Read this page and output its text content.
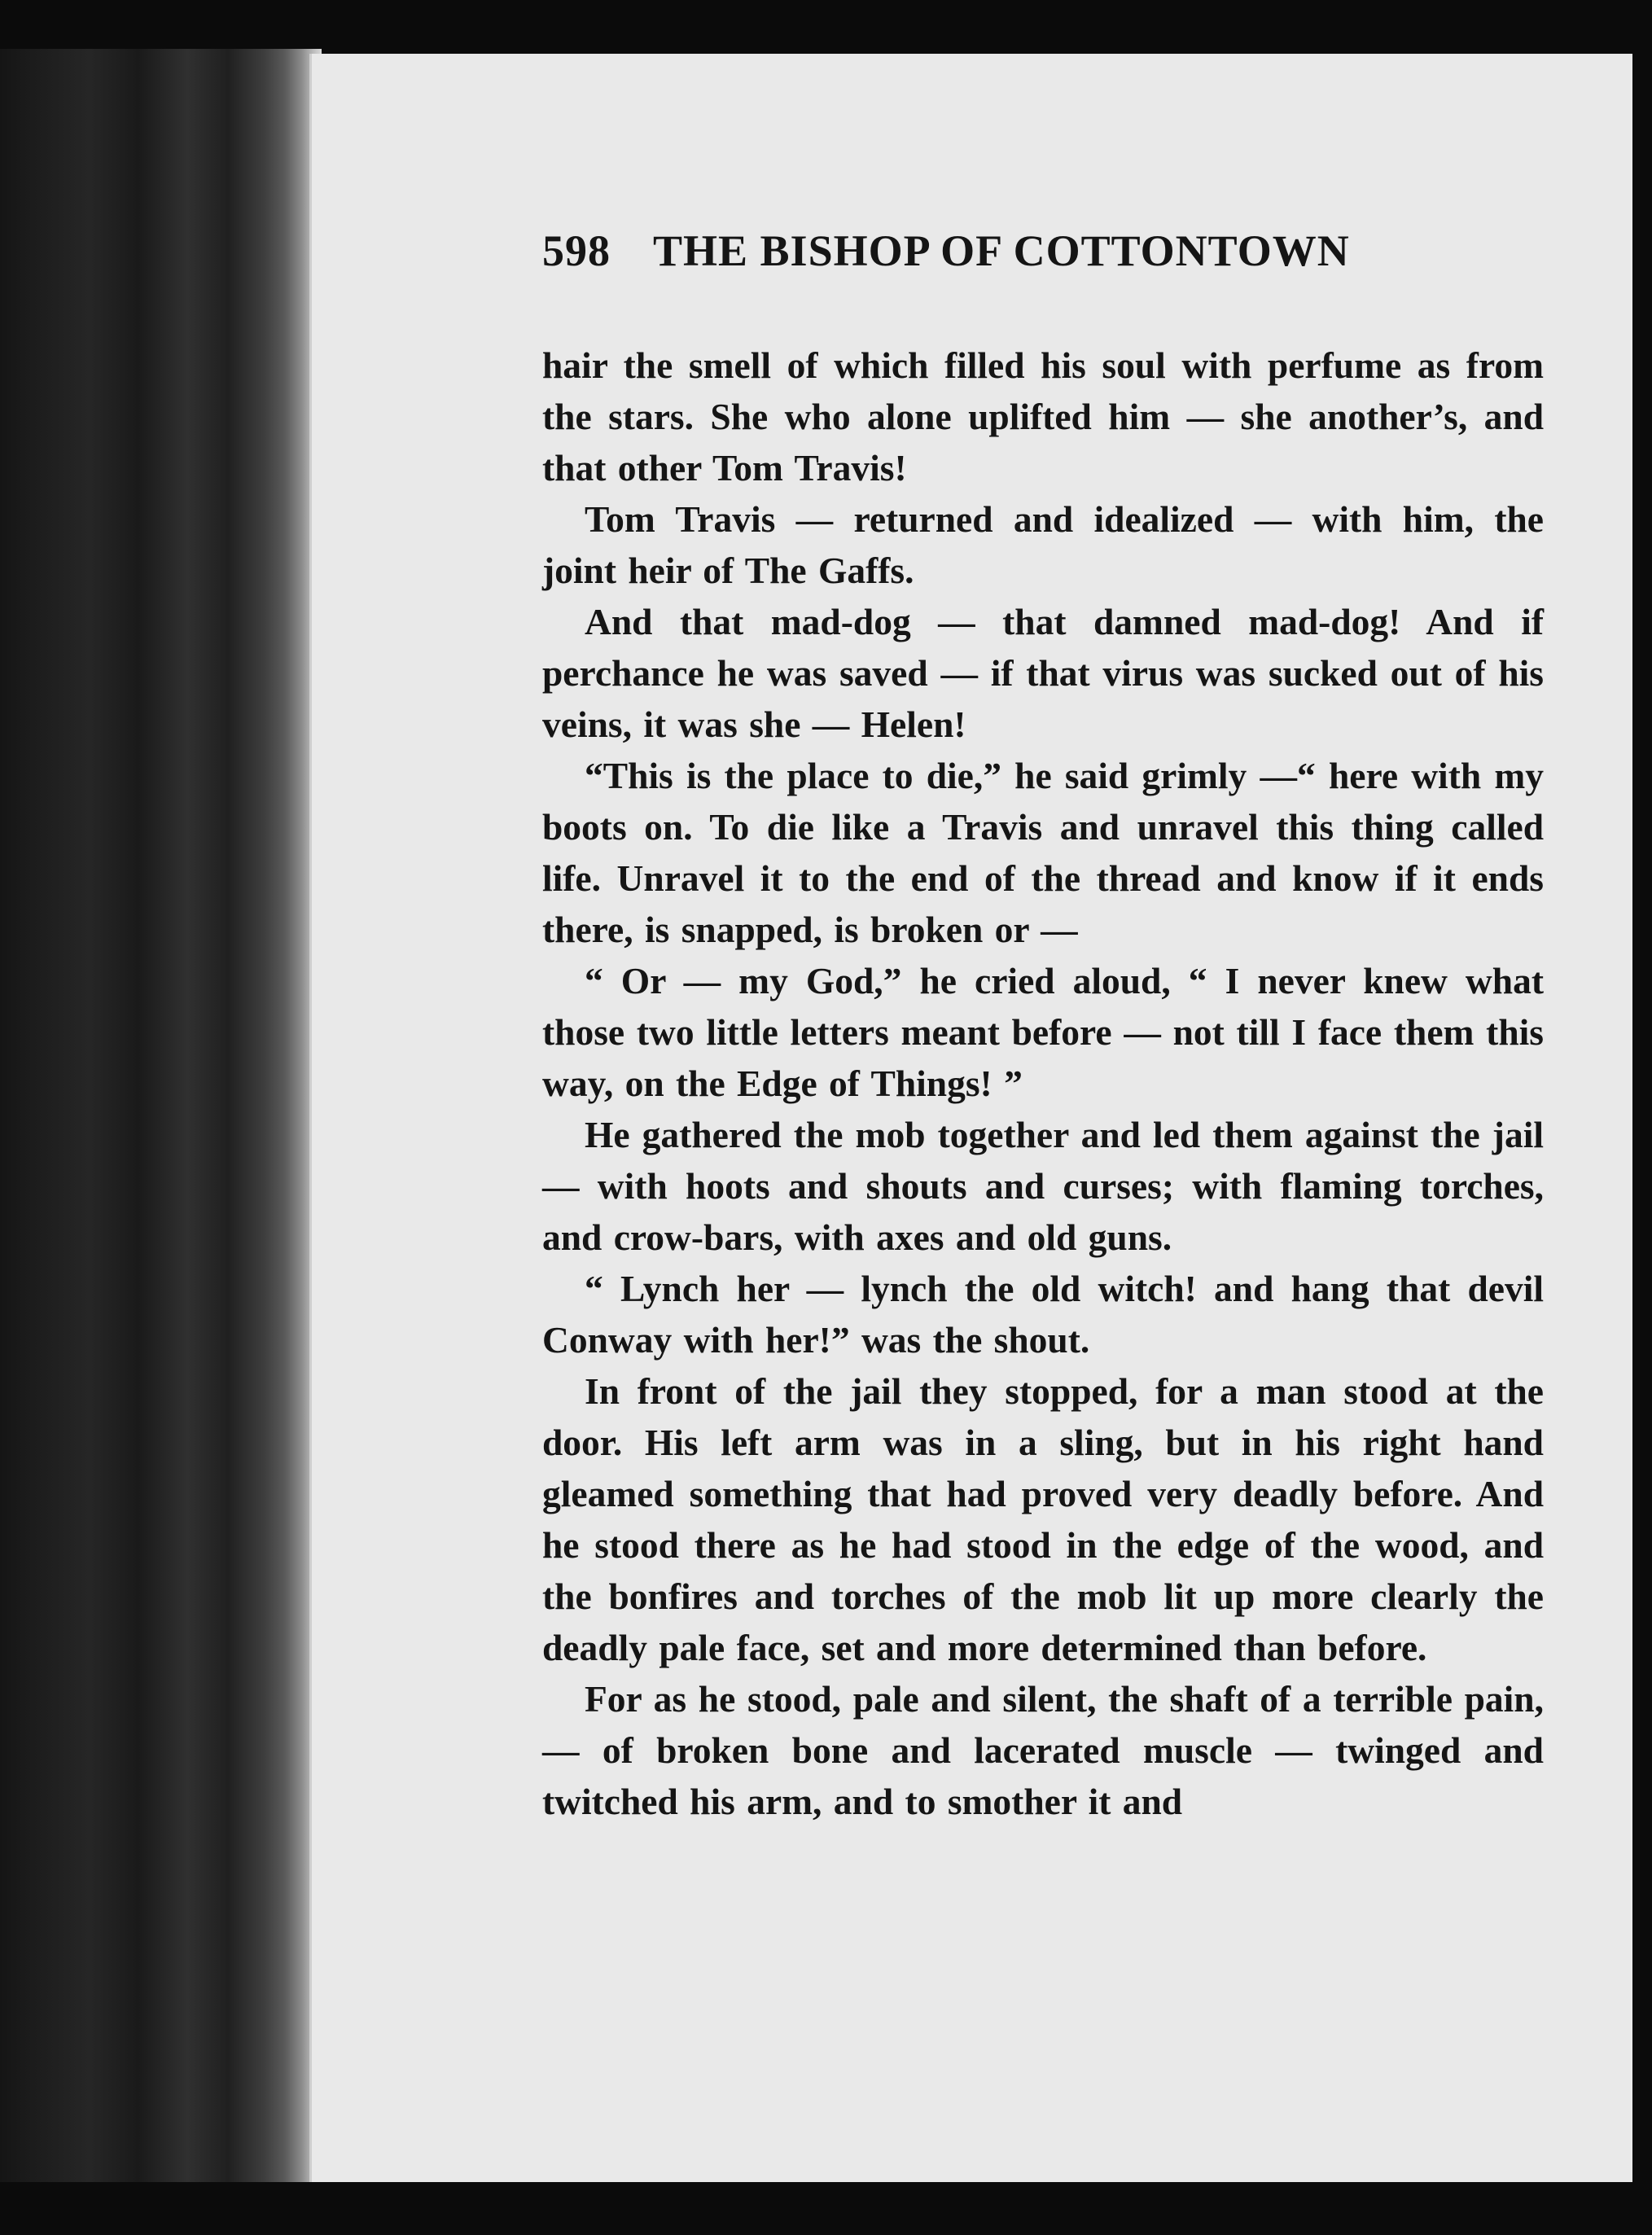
598 THE BISHOP OF COTTONTOWN

hair the smell of which filled his soul with perfume as from the stars. She who alone uplifted him — she another’s, and that other Tom Travis!

Tom Travis — returned and idealized — with him, the joint heir of The Gaffs.

And that mad-dog — that damned mad-dog! And if perchance he was saved — if that virus was sucked out of his veins, it was she — Helen!

“This is the place to die,” he said grimly —“ here with my boots on. To die like a Travis and unravel this thing called life. Unravel it to the end of the thread and know if it ends there, is snapped, is broken or —

“ Or — my God,” he cried aloud, “ I never knew what those two little letters meant before — not till I face them this way, on the Edge of Things! ”

He gathered the mob together and led them against the jail — with hoots and shouts and curses; with flaming torches, and crow-bars, with axes and old guns.

“ Lynch her — lynch the old witch! and hang that devil Conway with her!” was the shout.

In front of the jail they stopped, for a man stood at the door. His left arm was in a sling, but in his right hand gleamed something that had proved very deadly before. And he stood there as he had stood in the edge of the wood, and the bonfires and torches of the mob lit up more clearly the deadly pale face, set and more determined than before.

For as he stood, pale and silent, the shaft of a terrible pain,— of broken bone and lacerated muscle — twinged and twitched his arm, and to smother it and
